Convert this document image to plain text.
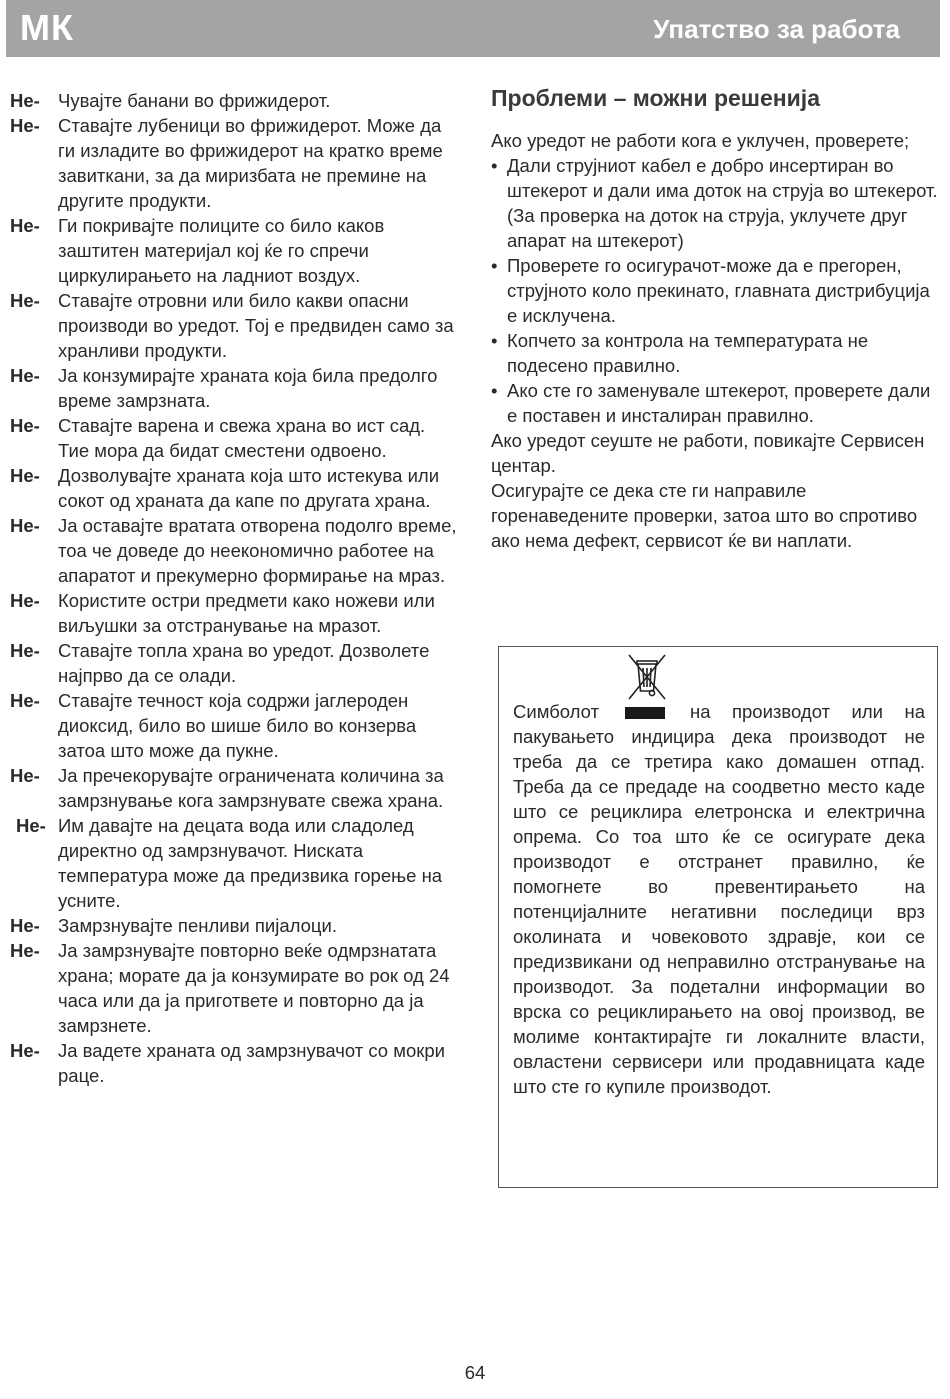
МК	Упатство за работа
Не- Чувајте банани во фрижидерот.
Не- Ставајте лубеници во фрижидерот. Може да ги изладите во фрижидерот на кратко време завиткани, за да миризбата не премине на другите продукти.
Не- Ги покривајте полиците со било каков заштитен материјал кој ќе го спречи циркулирањето на ладниот воздух.
Не- Ставајте отровни или било какви опасни производи во уредот. Тој е предвиден само за хранливи продукти.
Не- Ја конзумирајте храната која била предолго време замрзната.
Не- Ставајте варена и свежа храна во ист сад. Тие мора да бидат сместени одвоено.
Не- Дозволувајте храната која што истекува или сокот од храната да капе по другата храна.
Не- Ја оставајте вратата отворена подолго време, тоа че доведе до неекономично работее на апаратот и прекумерно формирање на мраз.
Не- Користите остри предмети како ножеви или виљушки за отстранување на мразот.
Не- Ставајте топла храна во уредот. Дозволете најпрво да се олади.
Не- Ставајте течност која содржи јаглероден диоксид, било во шише било во конзерва затоа што може да пукне.
Не- Ја пречекорувајте ограничената количина за замрзнување кога замрзнувате свежа храна.
Не- Им давајте на децата вода или сладолед директно од замрзнувачот. Ниската температура може да предизвика горење на усните.
Не- Замрзнувајте пенливи пијалоци.
Не- Ја замрзнувајте повторно веќе одмрзнатата храна; морате да ја конзумирате во рок од 24 часа или да ја пригответе и повторно да ја замрзнете.
Не- Ја вадете храната од замрзнувачот со мокри раце.
Проблеми – можни решенија

Ако уредот не работи кога е уклучен, проверете;

• Дали струјниот кабел е добро инсертиран во штекерот и дали има доток на струја во штекерот. (За проверка на доток на струја, уклучете друг апарат на штекерот)
• Проверете го осигурачот-може да е прегорен, струјното коло прекинато, главната дистрибуција е исклучена.
• Копчето за контрола на температурата не подесено правилно.
• Ако сте го заменувале штекерот, проверете дали е поставен и инсталиран правилно.

Ако уредот сеуште не работи, повикајте Сервисен центар.

Осигурајте се дека сте ги направиле горенаведените проверки, затоа што во спротиво ако нема дефект, сервисот ќе ви наплати.

Симболот	на производот или на пакувањето индицира дека производот не треба да се третира како домашен отпад. Треба да се предаде на соодветно место каде што се рециклира елетронска и електрична опрема. Со тоа што ќе се осигурате дека производот е отстранет правилно, ќе помогнете во превентирањето на потенцијалните негативни последици врз околината и човековото здравје, кои се предизвикани од неправилно отстранување на производот. За подетални информации во врска со рециклирањето на овој производ, ве молиме контактирајте ги локалните власти, овластени сервисери или продавницата каде што сте го купиле производот.
64
